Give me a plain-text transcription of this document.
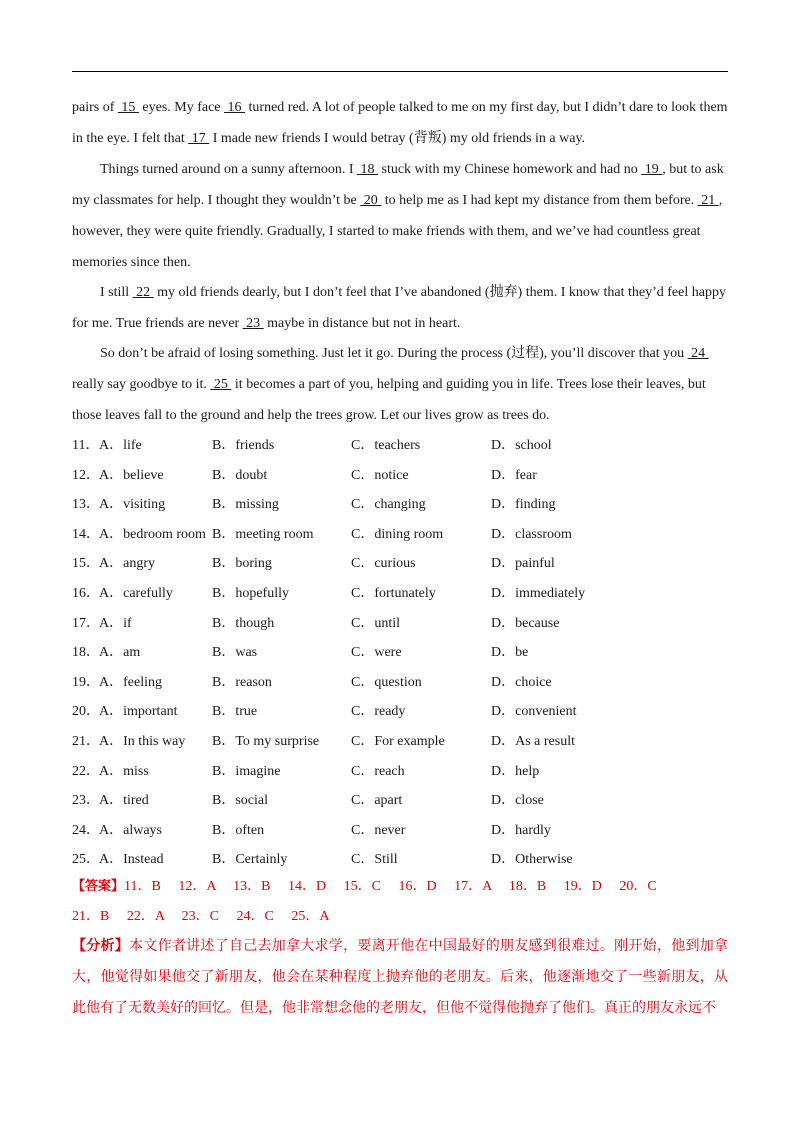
pairs of  15  eyes. My face  16  turned red. A lot of people talked to me on my first day, but I didn’t dare to look them in the eye. I felt that  17  I made new friends I would betray (背叛) my old friends in a way.

Things turned around on a sunny afternoon. I  18  stuck with my Chinese homework and had no  19 , but to ask my classmates for help. I thought they wouldn’t be  20  to help me as I had kept my distance from them before.  21 , however, they were quite friendly. Gradually, I started to make friends with them, and we’ve had countless great memories since then.

I still  22  my old friends dearly, but I don’t feel that I’ve abandoned (抛弃) them. I know that they’d feel happy for me. True friends are never  23  maybe in distance but not in heart.

So don’t be afraid of losing something. Just let it go. During the process (过程), you’ll discover that you  24  really say goodbye to it.  25  it becomes a part of you, helping and guiding you in life. Trees lose their leaves, but those leaves fall to the ground and help the trees grow. Let our lives grow as trees do.

11． A．life	B．friends	C．teachers	D．school
12． A．believe	B．doubt	C．notice	D．fear
13． A．visiting	B．missing	C．changing	D．finding
14． A．bedroom room B．meeting room	C．dining room	D．classroom
15． A．angry	B．boring	C．curious	D．painful
16． A．carefully	B．hopefully	C．fortunately	D．immediately
17． A．if	B．though	C．until	D．because
18． A．am	B．was	C．were	D．be
19． A．feeling	B．reason	C．question	D．choice
20． A．important B．true	C．ready	D．convenient
21． A．In this way B．To my surprise C．For example	D．As a result
22． A．miss	B．imagine	C．reach	D．help
23． A．tired	B．social	C．apart	D．close
24． A．always	B．often	C．never	D．hardly
25． A．Instead	B．Certainly	C．Still	D．Otherwise
【答案】11．B　 12．A　 13．B　 14．D　 15．C　 16．D　 17．A　 18．B　 19．D　 20．C
21．B　 22．A　 23．C　 24．C　 25．A

【分析】本文作者讲述了自己去加拿大求学，要离开他在中国最好的朋友感到很难过。刚开始，他到加拿大，他觉得如果他交了新朋友，他会在某种程度上抛弃他的老朋友。后来，他逐渐地交了一些新朋友，从此他有了无数美好的回忆。但是，他非常想念他的老朋友，但他不觉得他抛弃了他们。真正的朋友永远不
